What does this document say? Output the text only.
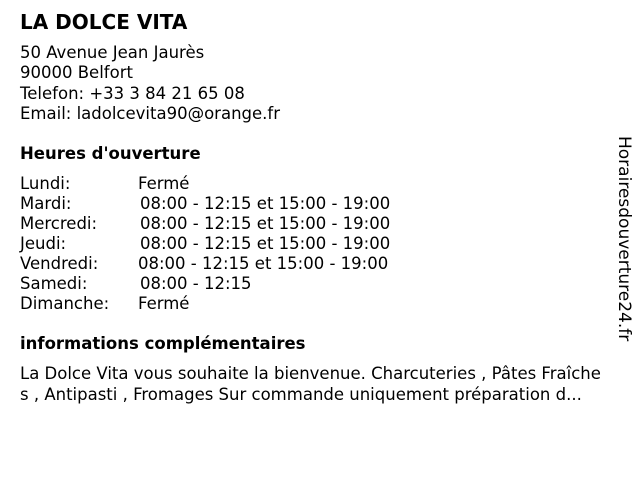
LA DOLCE VITA
50 Avenue Jean Jaurès
90000 Belfort
Telefon: +33 3 84 21 65 08
Email: ladolcevita90@orange.fr
Heures d'ouverture
Lundi:	Fermé
Mardi:	08:00 - 12:15 et 15:00 - 19:00
Mercredi:	08:00 - 12:15 et 15:00 - 19:00
Jeudi:	08:00 - 12:15 et 15:00 - 19:00
Vendredi: 08:00 - 12:15 et 15:00 - 19:00
Samedi:	08:00 - 12:15
Dimanche: Fermé
informations complémentaires
La Dolce Vita vous souhaite la bienvenue. Charcuteries , Pâtes Fraîche
s , Antipasti , Fromages Sur commande uniquement préparation d...
Horairesdouverture24.fr
